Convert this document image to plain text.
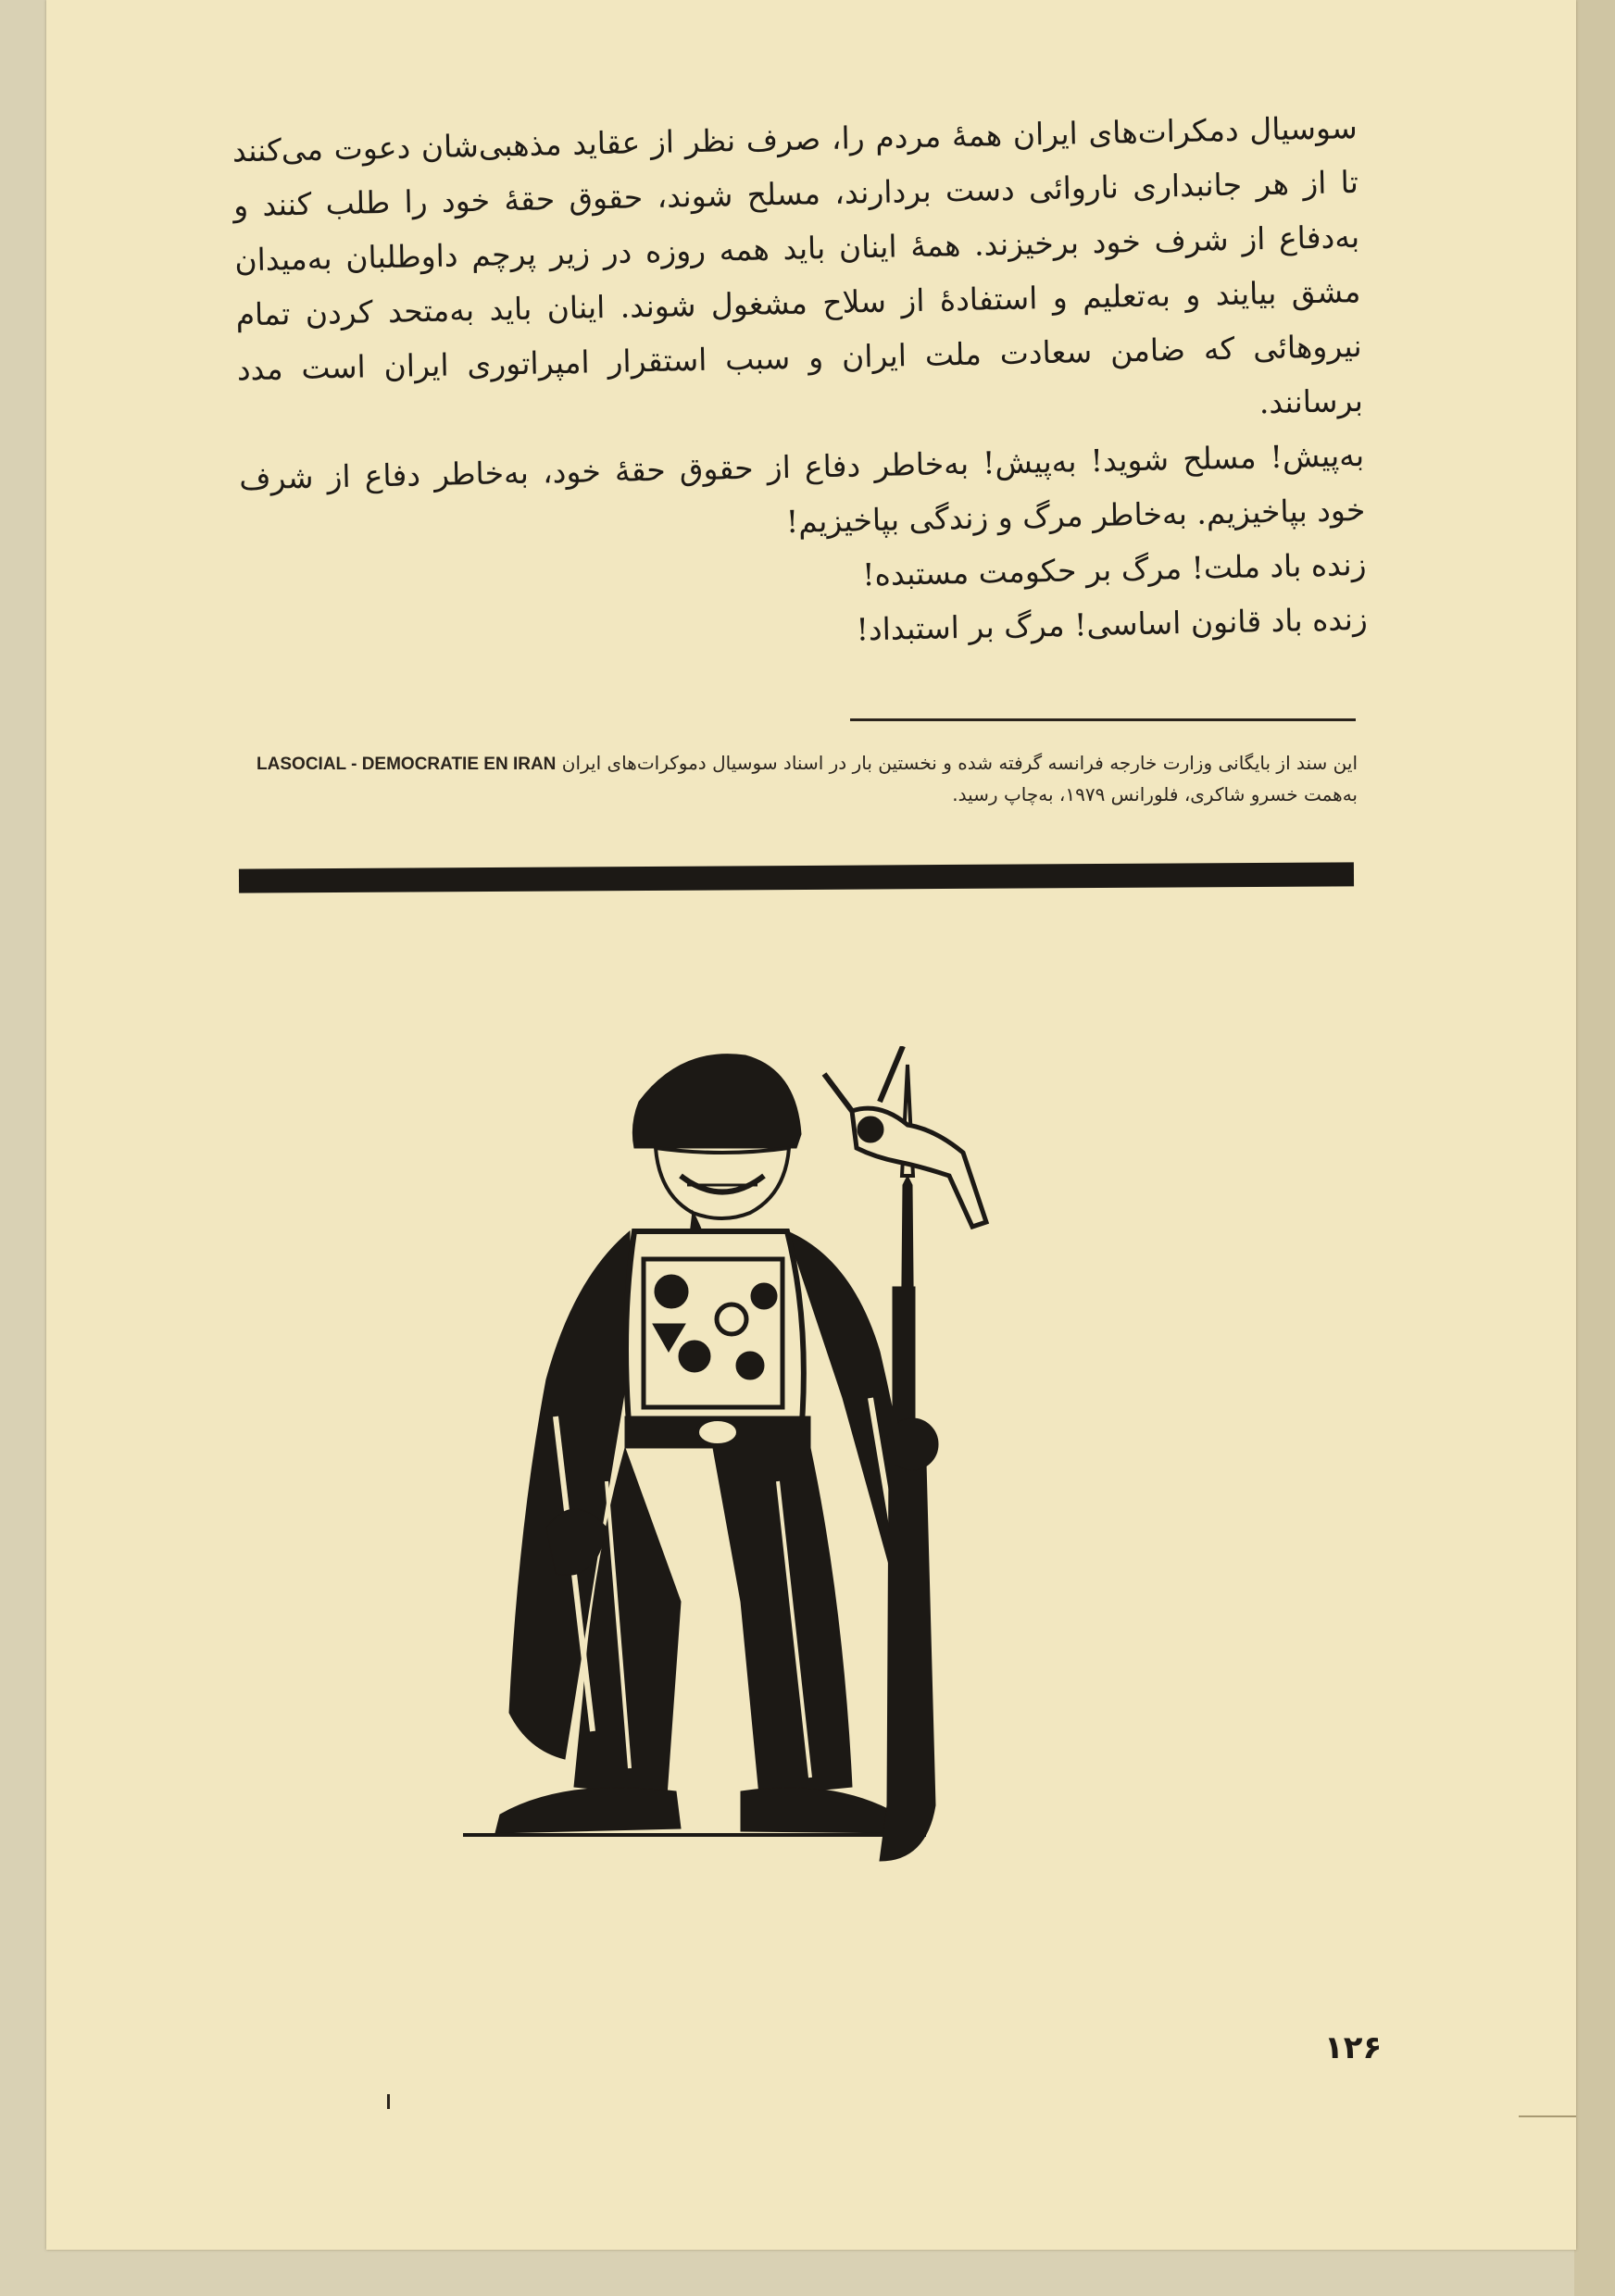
سوسیال دمکرات‌های ایران همهٔ مردم را، صرف نظر از عقاید مذهبی‌شان دعوت می‌کنند تا از هر جانبداری ناروائی دست بردارند، مسلح شوند، حقوق حقهٔ خود را طلب کنند و به‌دفاع از شرف خود برخیزند. همهٔ اینان باید همه روزه در زیر پرچم داوطلبان به‌میدان مشق بیایند و به‌تعلیم و استفادهٔ از سلاح مشغول شوند. اینان باید به‌متحد کردن تمام نیروهائی که ضامن سعادت ملت ایران و سبب استقرار امپراتوری ایران است مدد برسانند.

به‌پیش! مسلح شوید! به‌پیش! به‌خاطر دفاع از حقوق حقهٔ خود، به‌خاطر دفاع از شرف خود بپاخیزیم. به‌خاطر مرگ و زندگی بپاخیزیم!

زنده باد ملت! مرگ بر حکومت مستبده!

زنده باد قانون اساسی! مرگ بر استبداد!

این سند از بایگانی وزارت خارجه فرانسه گرفته شده و نخستین بار در اسناد سوسیال دموکرات‌های ایران LASOCIAL - DEMOCRATIE EN IRAN به‌همت خسرو شاکری، فلورانس ۱۹۷۹، به‌چاپ رسید.
۱۲۶
